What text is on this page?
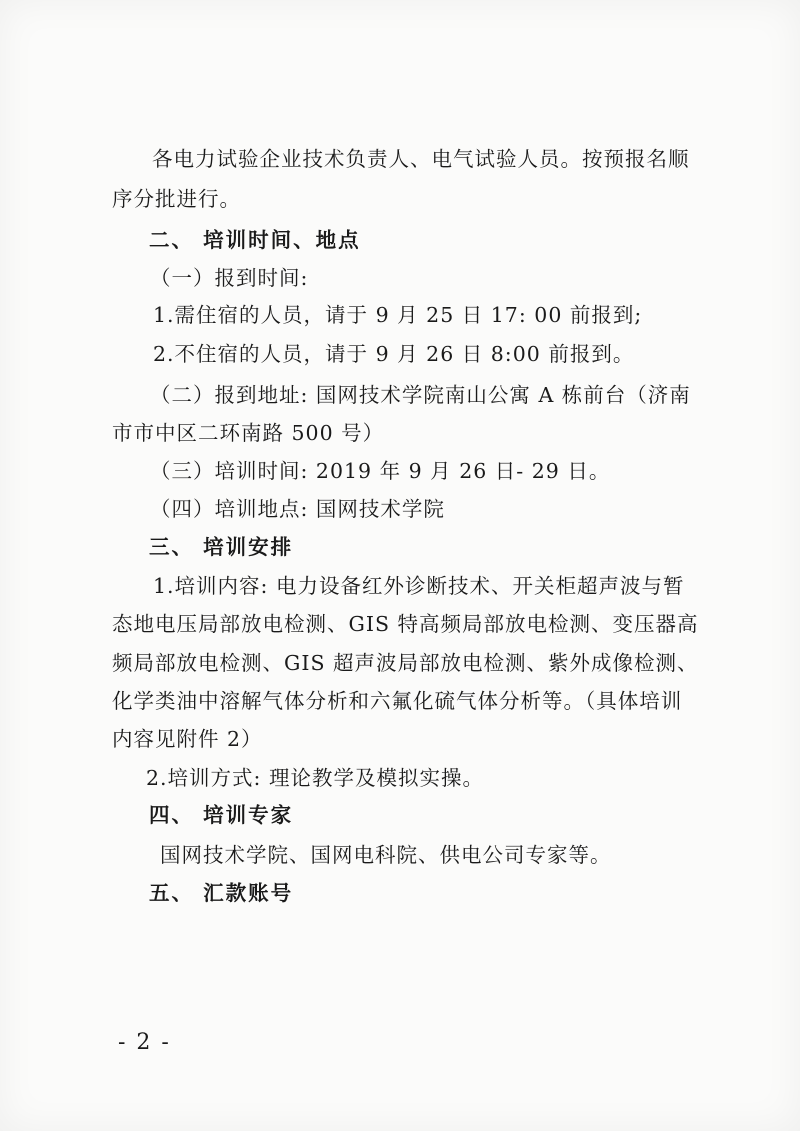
各电力试验企业技术负责人、电气试验人员。按预报名顺
序分批进行。
二、 培训时间、地点
（一）报到时间:
1.需住宿的人员，请于 9 月 25 日 17: 00 前报到;
2.不住宿的人员，请于 9 月 26 日 8:00 前报到。
（二）报到地址: 国网技术学院南山公寓 A 栋前台（济南
市市中区二环南路 500 号）
（三）培训时间: 2019 年 9 月 26 日- 29 日。
（四）培训地点: 国网技术学院
三、 培训安排
1.培训内容: 电力设备红外诊断技术、开关柜超声波与暂
态地电压局部放电检测、GIS 特高频局部放电检测、变压器高
频局部放电检测、GIS 超声波局部放电检测、紫外成像检测、
化学类油中溶解气体分析和六氟化硫气体分析等。（具体培训
内容见附件 2）
2.培训方式: 理论教学及模拟实操。
四、 培训专家
国网技术学院、国网电科院、供电公司专家等。
五、 汇款账号
- 2 -
